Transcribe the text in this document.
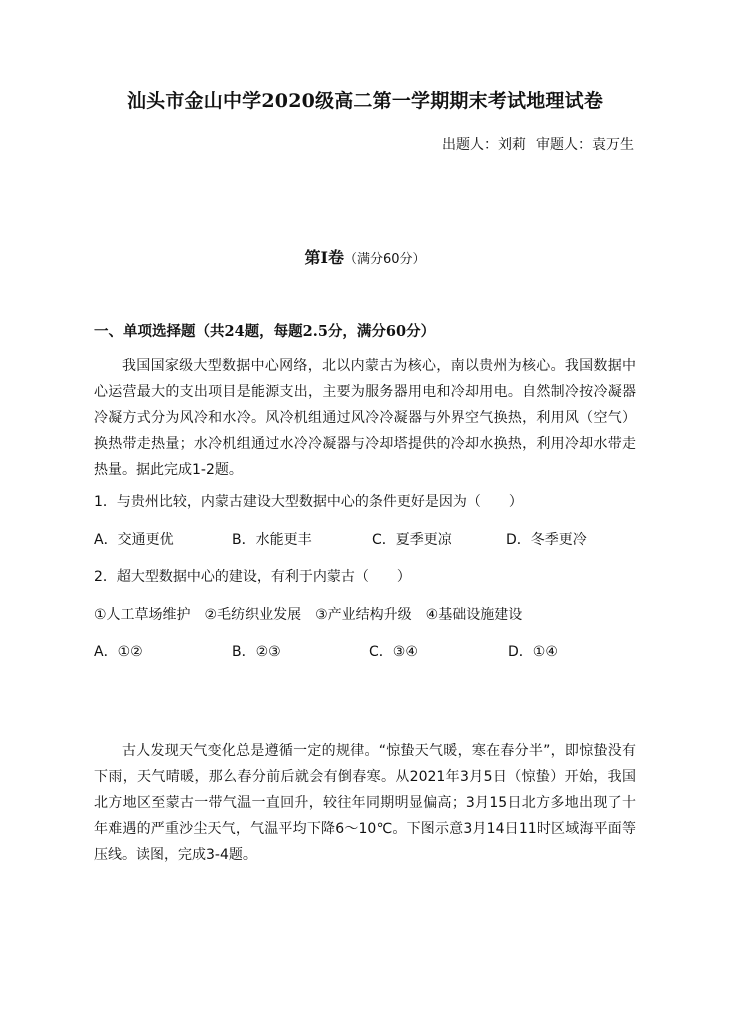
汕头市金山中学2020级高二第一学期期末考试地理试卷
出题人：刘莉 审题人：袁万生
第Ⅰ卷（满分60分）
一、单项选择题（共24题，每题2.5分，满分60分）
我国国家级大型数据中心网络，北以内蒙古为核心，南以贵州为核心。我国数据中心运营最大的支出项目是能源支出，主要为服务器用电和冷却用电。自然制冷按冷凝器冷凝方式分为风冷和水冷。风冷机组通过风冷冷凝器与外界空气换热，利用风（空气）换热带走热量；水冷机组通过水冷冷凝器与冷却塔提供的冷却水换热，利用冷却水带走热量。据此完成1-2题。
1．与贵州比较，内蒙古建设大型数据中心的条件更好是因为（　　）
A．交通更优	B．水能更丰	C．夏季更凉	D．冬季更冷
2．超大型数据中心的建设，有利于内蒙古（　　）
①人工草场维护　②毛纺织业发展　③产业结构升级　④基础设施建设
A．①②	B．②③	C．③④	D．①④
古人发现天气变化总是遵循一定的规律。“惊蛰天气暖，寒在春分半”，即惊蛰没有下雨，天气晴暖，那么春分前后就会有倒春寒。从2021年3月5日（惊蛰）开始，我国北方地区至蒙古一带气温一直回升，较往年同期明显偏高；3月15日北方多地出现了十年难遇的严重沙尘天气，气温平均下降6～10℃。下图示意3月14日11时区域海平面等压线。读图，完成3-4题。
